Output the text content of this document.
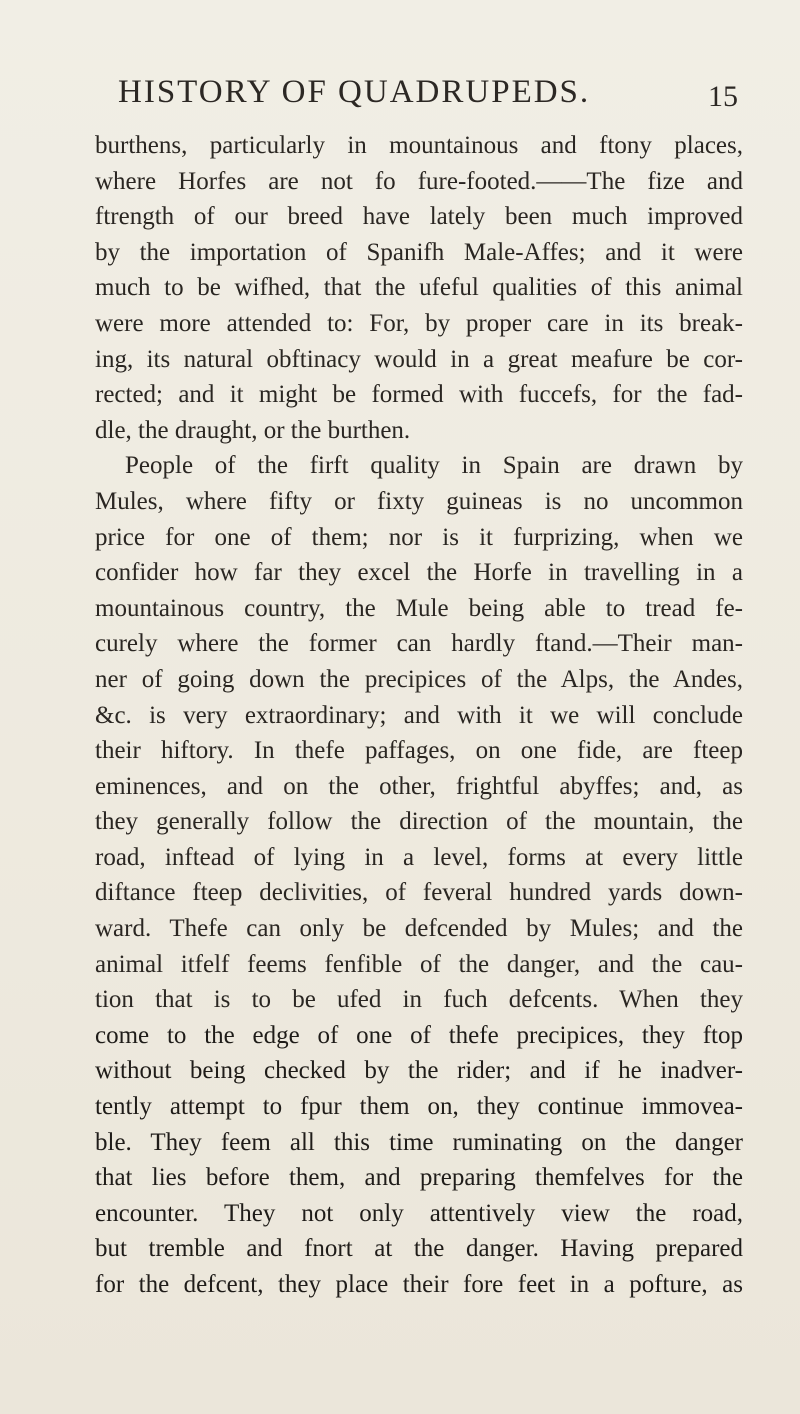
HISTORY OF QUADRUPEDS.	15
burthens, particularly in mountainous and ftony places,
where Horfes are not fo fure-footed.——The fize and
ftrength of our breed have lately been much improved
by the importation of Spanifh Male-Affes; and it were
much to be wifhed, that the ufeful qualities of this animal
were more attended to: For, by proper care in its break-
ing, its natural obftinacy would in a great meafure be cor-
rected; and it might be formed with fuccefs, for the fad-
dle, the draught, or the burthen.
People of the firft quality in Spain are drawn by
Mules, where fifty or fixty guineas is no uncommon
price for one of them; nor is it furprizing, when we
confider how far they excel the Horfe in travelling in a
mountainous country, the Mule being able to tread fe-
curely where the former can hardly ftand.—Their man-
ner of going down the precipices of the Alps, the Andes,
&c. is very extraordinary; and with it we will conclude
their hiftory. In thefe paffages, on one fide, are fteep
eminences, and on the other, frightful abyffes; and, as
they generally follow the direction of the mountain, the
road, inftead of lying in a level, forms at every little
diftance fteep declivities, of feveral hundred yards down-
ward. Thefe can only be defcended by Mules; and the
animal itfelf feems fenfible of the danger, and the cau-
tion that is to be ufed in fuch defcents. When they
come to the edge of one of thefe precipices, they ftop
without being checked by the rider; and if he inadver-
tently attempt to fpur them on, they continue immovea-
ble. They feem all this time ruminating on the danger
that lies before them, and preparing themfelves for the
encounter. They not only attentively view the road,
but tremble and fnort at the danger. Having prepared
for the defcent, they place their fore feet in a pofture, as
